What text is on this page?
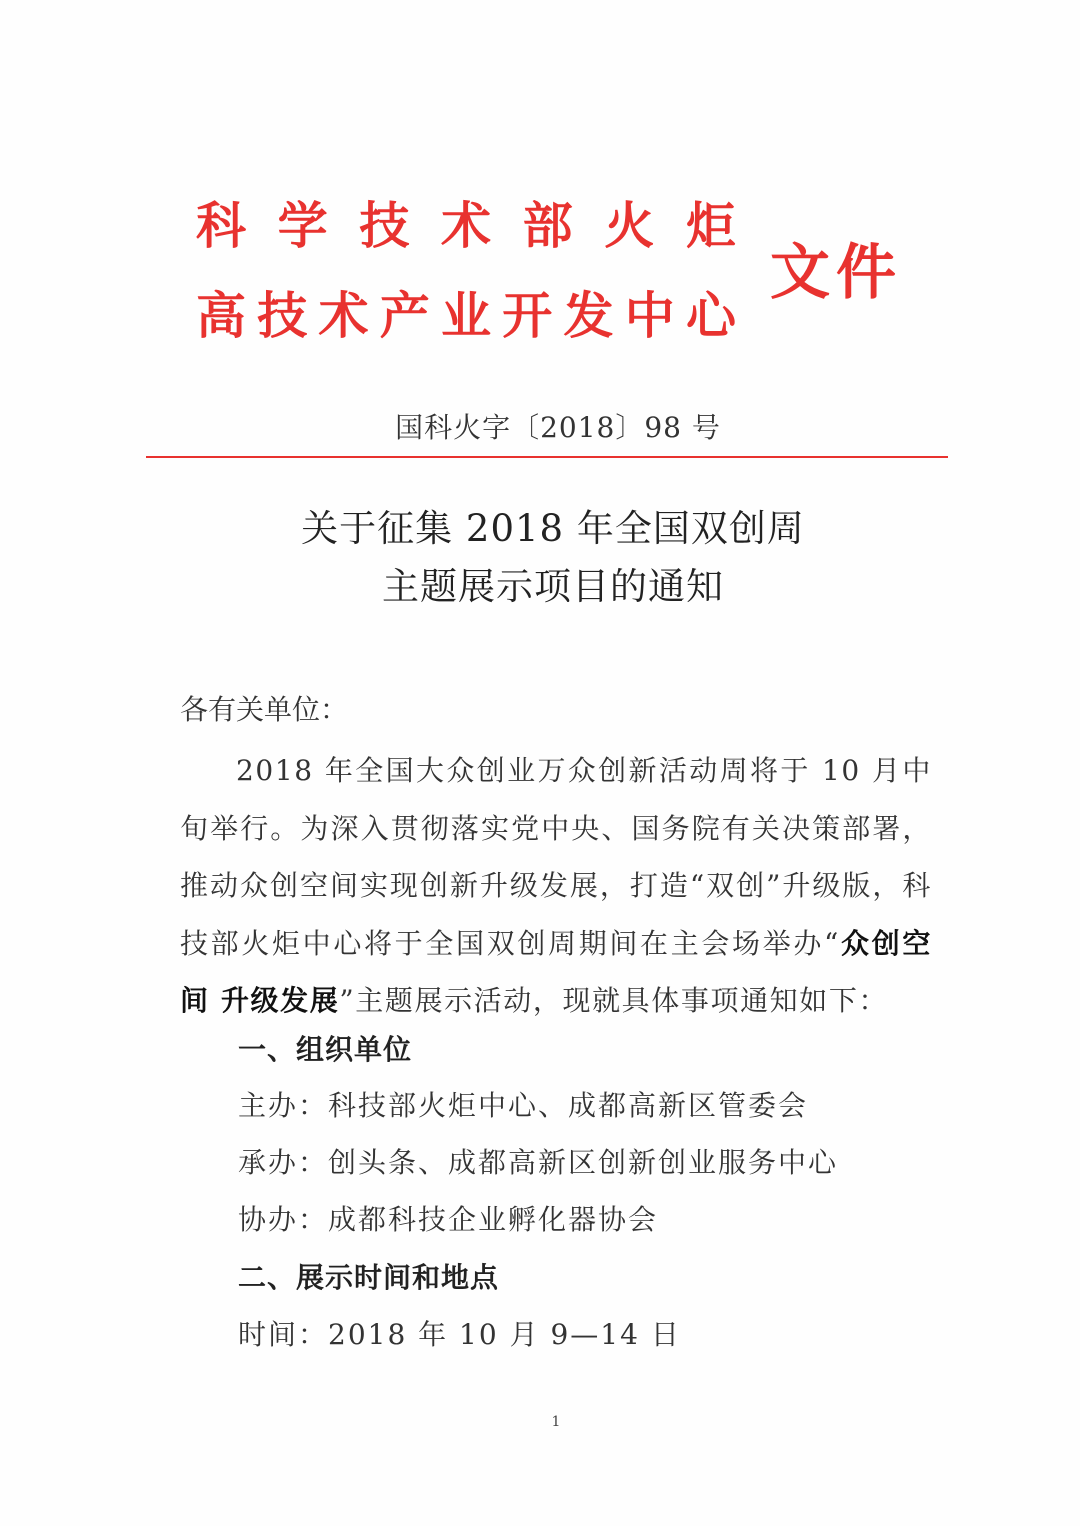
科 学 技 术 部 火 炬
高 技 术 产 业 开 发 中 心
文件
国科火字〔2018〕98 号
关于征集 2018 年全国双创周
主题展示项目的通知
各有关单位：
2018 年全国大众创业万众创新活动周将于 10 月中旬举行。为深入贯彻落实党中央、国务院有关决策部署，推动众创空间实现创新升级发展，打造“双创”升级版，科技部火炬中心将于全国双创周期间在主会场举办“众创空间 升级发展”主题展示活动，现就具体事项通知如下：
一、组织单位
主办：科技部火炬中心、成都高新区管委会
承办：创头条、成都高新区创新创业服务中心
协办：成都科技企业孵化器协会
二、展示时间和地点
时间：2018 年 10 月 9—14 日
1
